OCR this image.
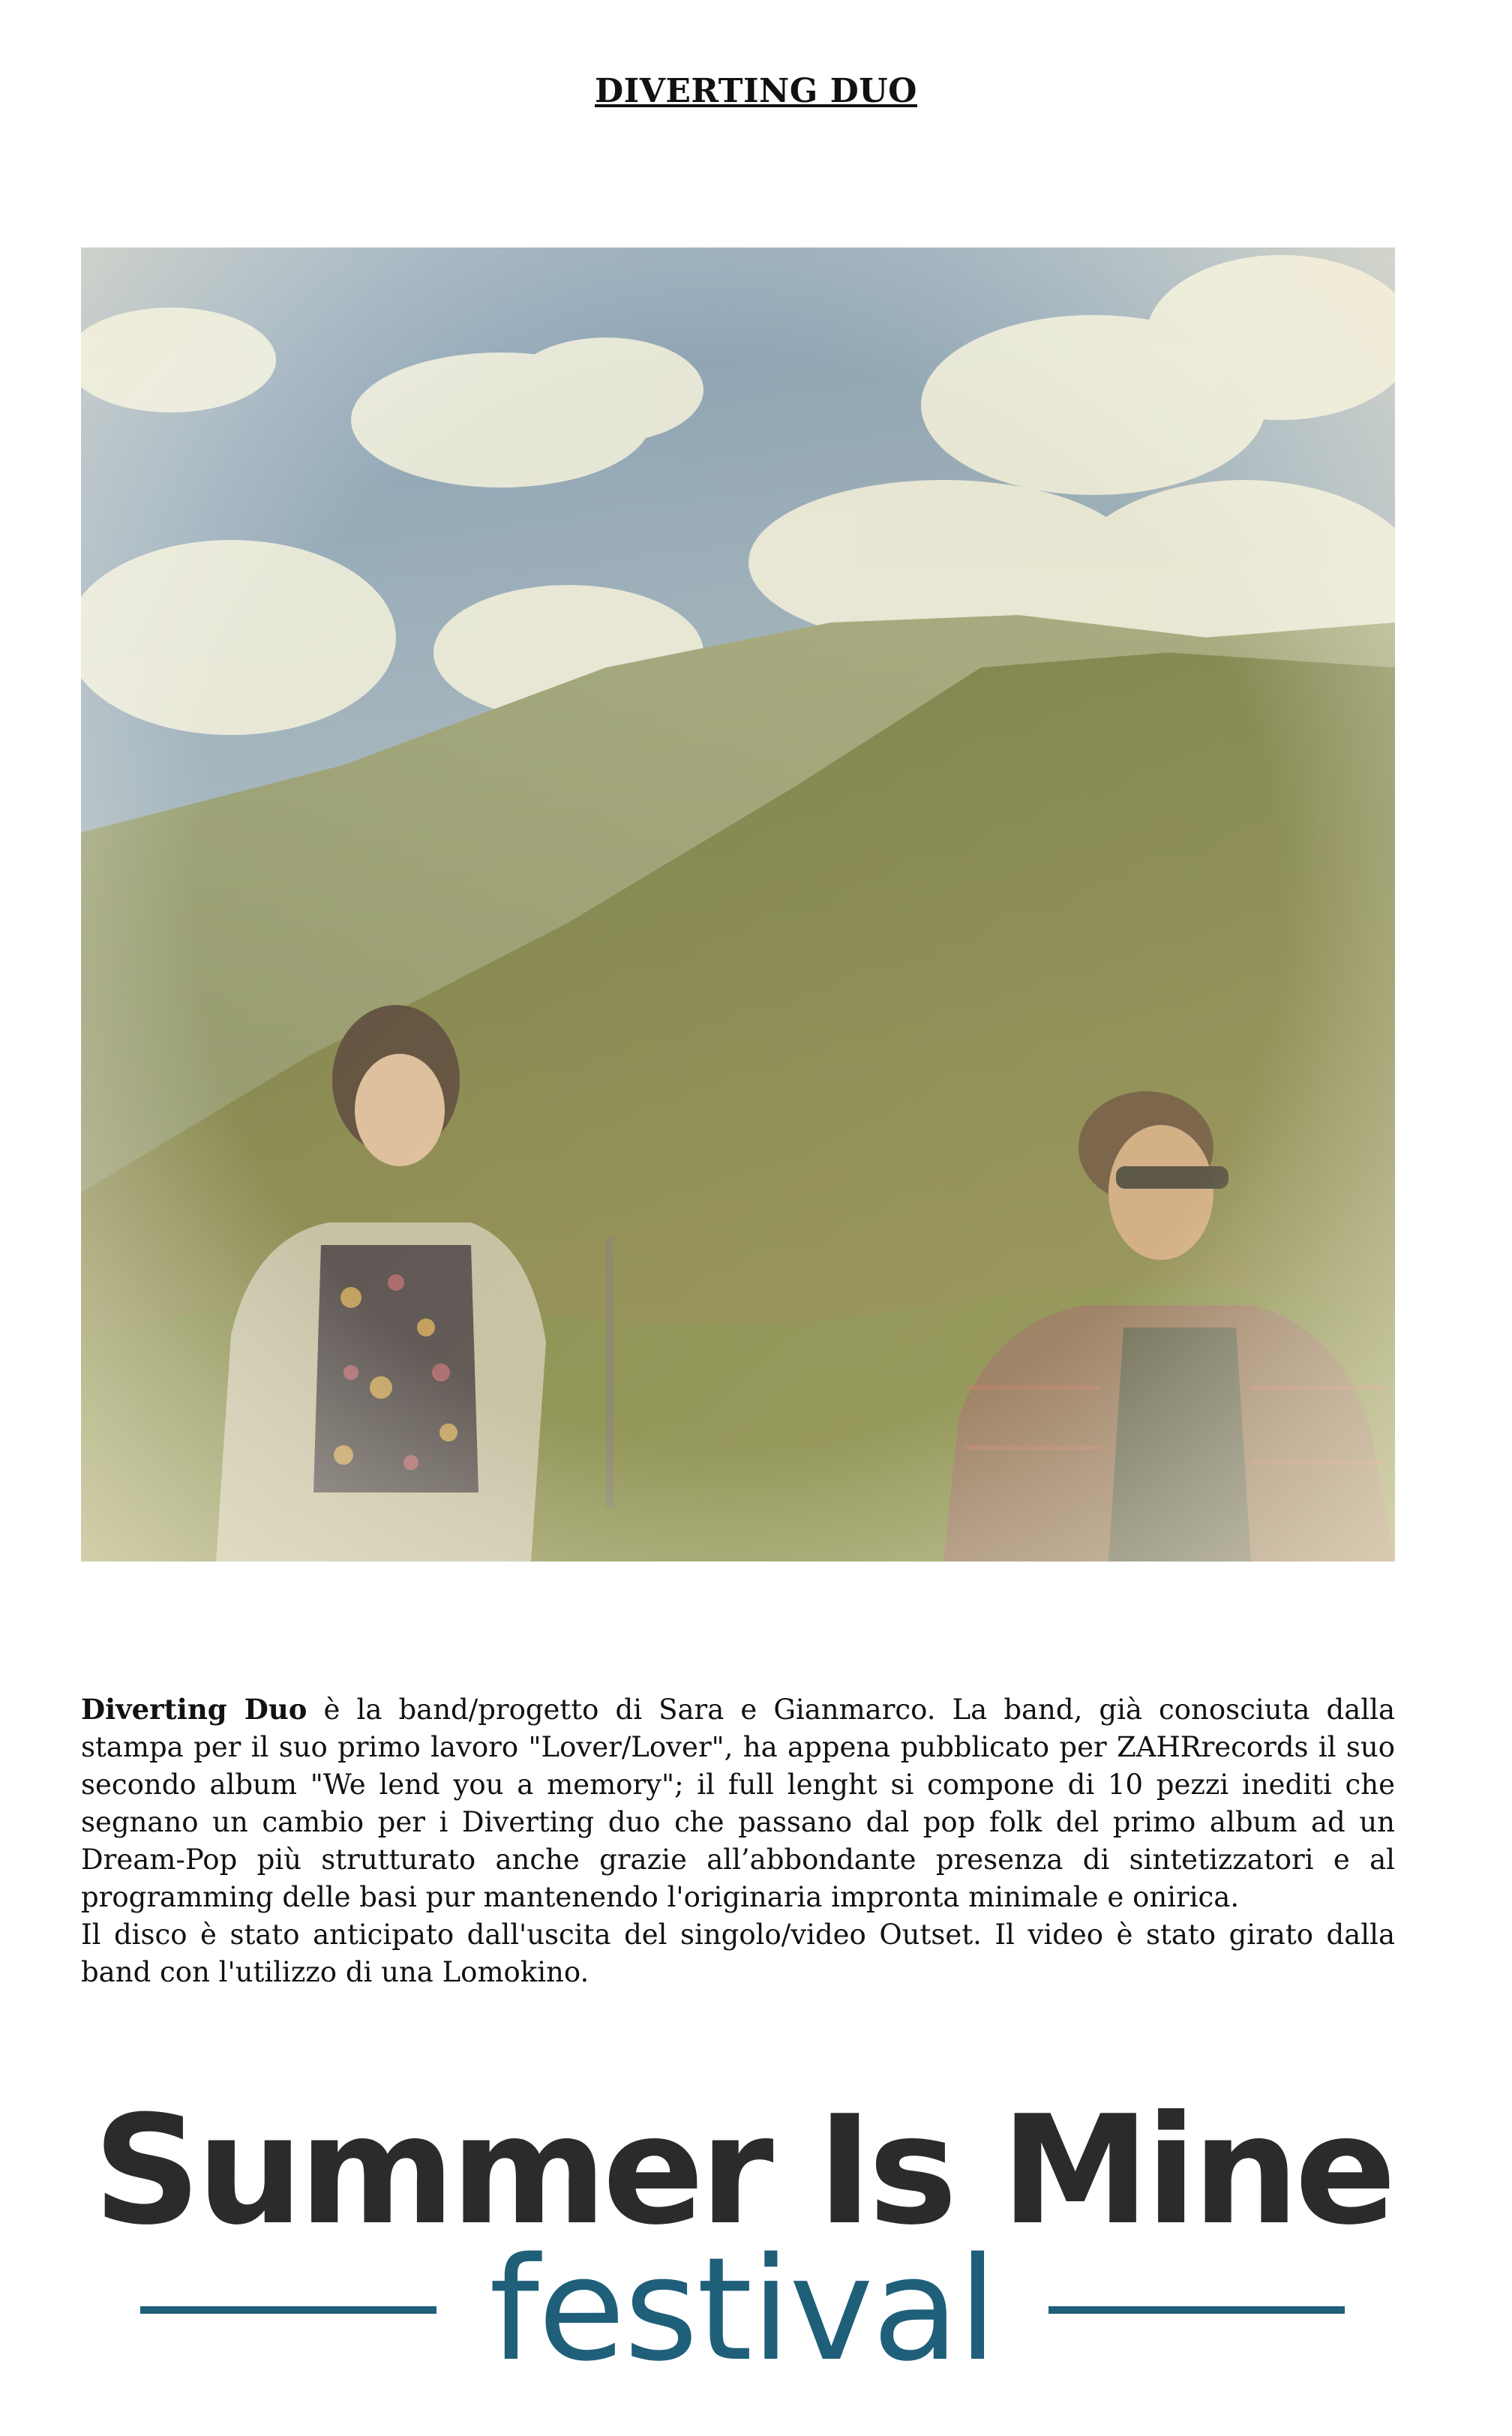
DIVERTING DUO

Diverting Duo è la band/progetto di Sara e Gianmarco. La band, già conosciuta dalla stampa per il suo primo lavoro "Lover/Lover", ha appena pubblicato per ZAHRrecords il suo secondo album "We lend you a memory"; il full lenght si compone di 10 pezzi inediti che segnano un cambio per i Diverting duo che passano dal pop folk del primo album ad un Dream-Pop più strutturato anche grazie all’abbondante presenza di sintetizzatori e al programming delle basi pur mantenendo l'originaria impronta minimale e onirica.

Il disco è stato anticipato dall'uscita del singolo/video Outset. Il video è stato girato dalla band con l'utilizzo di una Lomokino.

Summer Is Mine
festival
